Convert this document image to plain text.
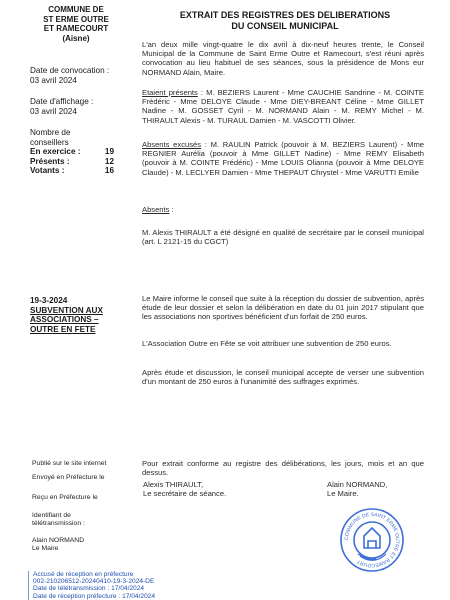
COMMUNE DE
ST ERME OUTRE
ET RAMECOURT
(Aisne)
Date de convocation :
03 avril 2024
Date d'affichage :
03 avril 2024
Nombre de
conseillers
En exercice :	19
Présents :	12
Votants :	16
19-3-2024
SUBVENTION AUX
ASSOCIATIONS –
OUTRE EN FETE
Publié sur le site internet
Envoyé en Préfecture le
Reçu en Préfecture le
Identifiant de
télétransmission :
Alain NORMAND
Le Maire
EXTRAIT DES REGISTRES DES DELIBERATIONS
DU CONSEIL MUNICIPAL
L'an deux mille vingt-quatre le dix avril à dix-neuf heures trente, le Conseil Municipal de la Commune de Saint Erme Outre et Ramecourt, s'est réuni après convocation au lieu habituel de ses séances, sous la présidence de Mons eur NORMAND Alain, Maire.
Etaient présents : M. BEZIERS Laurent - Mme CAUCHIE Sandrine - M. COINTE Frédéric - Mme DELOYE Claude - Mme DIEY-BREANT Céline - Mme GILLET Nadine - M. GOSSET Cyril - M. NORMAND Alain - M. REMY Michel - M. THIRAULT Alexis - M. TURAUL Damien - M. VASCOTTI Olivier.
Absents excusés : M. RAULIN Patrick (pouvoir à M. BEZIERS Laurent) - Mme REGNIER Aurélia (pouvoir à Mme GILLET Nadine) - Mme REMY Elisabeth (pouvoir à M. COINTE Frédéric) - Mme LOUIS Olianna (pouvoir à Mme DELOYE Claude) - M. LECLYER Damien - Mme THEPAUT Chrystel - Mme VARUTTI Emilie
Absents :
M. Alexis THIRAULT a été désigné en qualité de secrétaire par le conseil municipal (art. L 2121-15 du CGCT)
Le Maire informe le conseil que suite à la réception du dossier de subvention, après étude de leur dossier et selon la délibération en date du 01 juin 2017 stipulant que les associations non sportives bénéficient d'un forfait de 250 euros.
L'Association Outre en Fête se voit attribuer une subvention de 250 euros.
Après étude et discussion, le conseil municipal accepte de verser une subvention d'un montant de 250 euros à l'unanimité des suffrages exprimés.
Pour extrait conforme au registre des délibérations, les jours, mois et an que dessus.
Alexis THIRAULT,
Le secrétaire de séance.
Alain NORMAND,
Le Maire.
COMMUNE DE SAINT ERME OUTRE ET RAMECOURT
Accusé de réception en préfecture
002-210206512-20240410-19-3-2024-DE
Date de télétransmission : 17/04/2024
Date de réception préfecture : 17/04/2024
